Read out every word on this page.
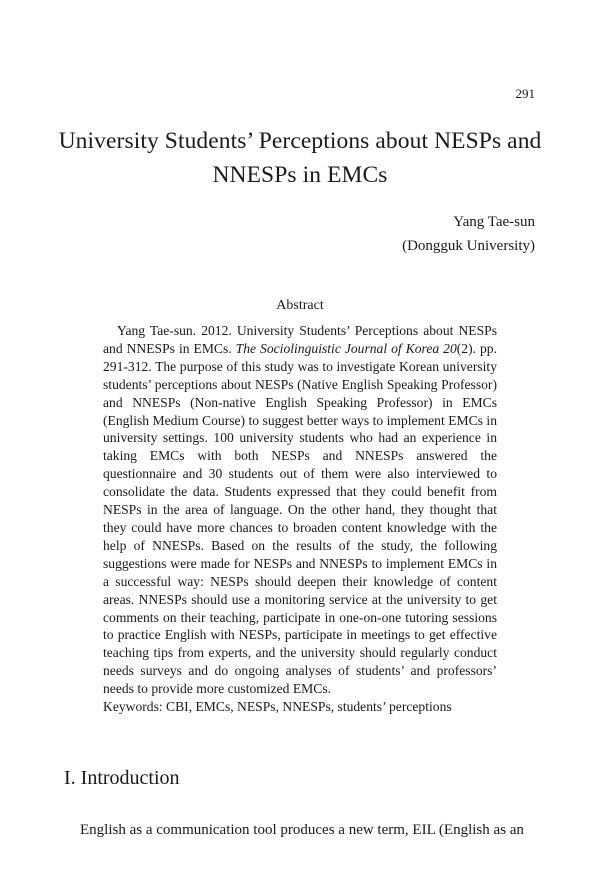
291
University Students’ Perceptions about NESPs and
NNESPs in EMCs
Yang Tae-sun
(Dongguk University)
Abstract

Yang Tae-sun. 2012. University Students’ Perceptions about NESPs and NNESPs in EMCs. The Sociolinguistic Journal of Korea 20(2). pp. 291-312. The purpose of this study was to investigate Korean university students’ perceptions about NESPs (Native English Speaking Professor) and NNESPs (Non-native English Speaking Professor) in EMCs (English Medium Course) to suggest better ways to implement EMCs in university settings. 100 university students who had an experience in taking EMCs with both NESPs and NNESPs answered the questionnaire and 30 students out of them were also interviewed to consolidate the data. Students expressed that they could benefit from NESPs in the area of language. On the other hand, they thought that they could have more chances to broaden content knowledge with the help of NNESPs. Based on the results of the study, the following suggestions were made for NESPs and NNESPs to implement EMCs in a successful way: NESPs should deepen their knowledge of content areas. NNESPs should use a monitoring service at the university to get comments on their teaching, participate in one-on-one tutoring sessions to practice English with NESPs, participate in meetings to get effective teaching tips from experts, and the university should regularly conduct needs surveys and do ongoing analyses of students’ and professors’ needs to provide more customized EMCs.

Keywords: CBI, EMCs, NESPs, NNESPs, students’ perceptions

I. Introduction
English as a communication tool produces a new term, EIL (English as an
